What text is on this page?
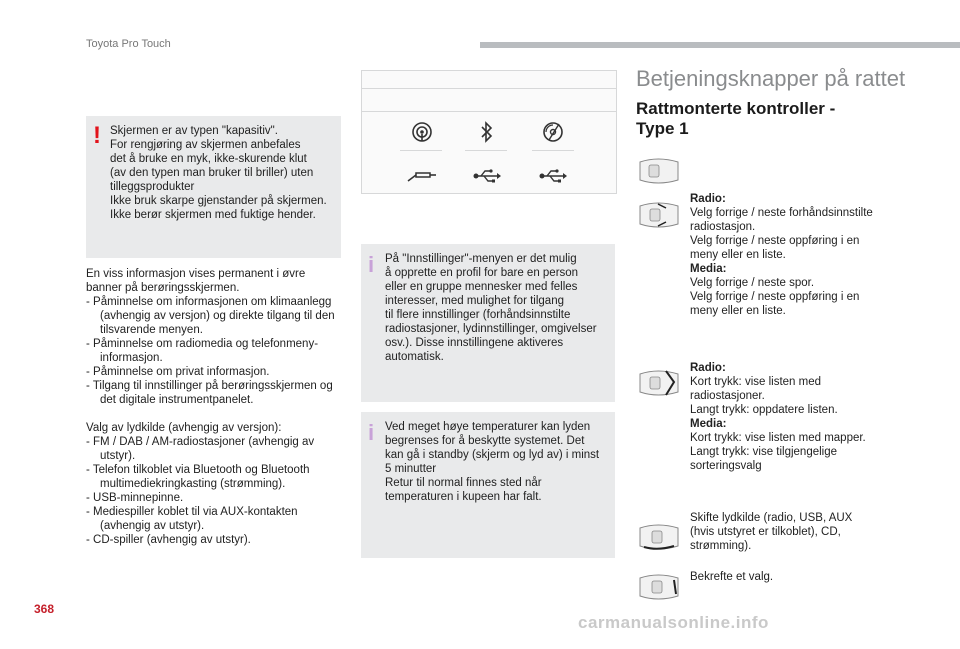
Toyota Pro Touch
! Skjermen er av typen "kapasitiv".
For rengjøring av skjermen anbefales
det å bruke en myk, ikke-skurende klut
(av den typen man bruker til briller) uten
tilleggsprodukter
Ikke bruk skarpe gjenstander på skjermen.
Ikke berør skjermen med fuktige hender.
En viss informasjon vises permanent i øvre banner på berøringsskjermen.
- Påminnelse om informasjonen om klimaanlegg (avhengig av versjon) og direkte tilgang til den tilsvarende menyen.
- Påminnelse om radiomedia og telefonmeny-informasjon.
- Påminnelse om privat informasjon.
- Tilgang til innstillinger på berøringsskjermen og det digitale instrumentpanelet.
Valg av lydkilde (avhengig av versjon):
- FM / DAB / AM-radiostasjoner (avhengig av utstyr).
- Telefon tilkoblet via Bluetooth og Bluetooth multimediekringkasting (strømming).
- USB-minnepinne.
- Mediespiller koblet til via AUX-kontakten (avhengig av utstyr).
- CD-spiller (avhengig av utstyr).
i På "Innstillinger"-menyen er det mulig
å opprette en profil for bare en person
eller en gruppe mennesker med felles
interesser, med mulighet for tilgang
til flere innstillinger (forhåndsinnstilte
radiostasjoner, lydinnstillinger, omgivelser
osv.). Disse innstillingene aktiveres
automatisk.
i Ved meget høye temperaturer kan lyden
begrenses for å beskytte systemet. Det
kan gå i standby (skjerm og lyd av) i minst
5 minutter
Retur til normal finnes sted når
temperaturen i kupeen har falt.
Betjeningsknapper på rattet
Rattmonterte kontroller -
Type 1
Radio:
Velg forrige / neste forhåndsinnstilte
radiostasjon.
Velg forrige / neste oppføring i en
meny eller en liste.
Media:
Velg forrige / neste spor.
Velg forrige / neste oppføring i en
meny eller en liste.
Radio:
Kort trykk: vise listen med
radiostasjoner.
Langt trykk: oppdatere listen.
Media:
Kort trykk: vise listen med mapper.
Langt trykk: vise tilgjengelige
sorteringsvalg
Skifte lydkilde (radio, USB, AUX
(hvis utstyret er tilkoblet), CD,
strømming).
Bekrefte et valg.
368
carmanualsonline.info
